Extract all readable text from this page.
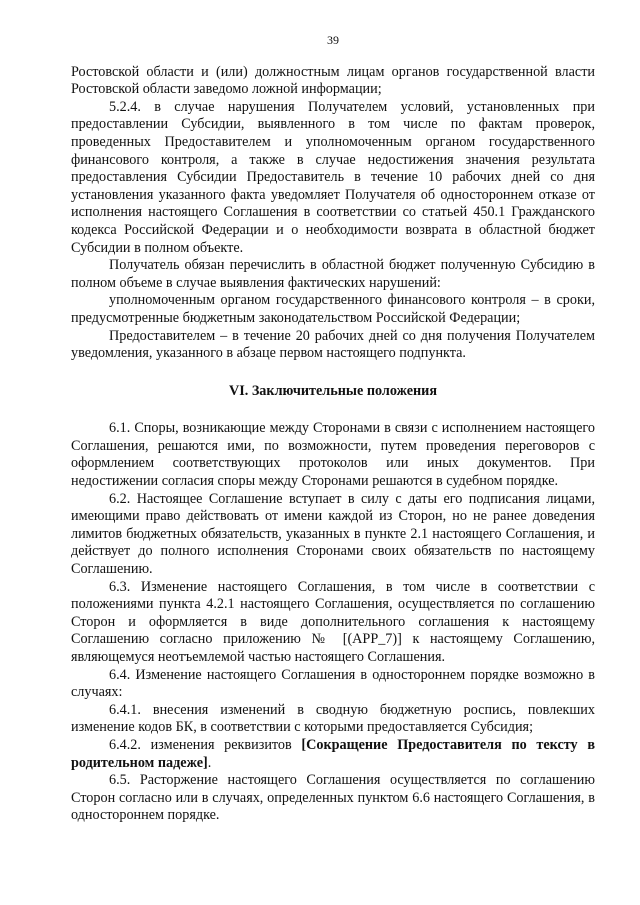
39

Ростовской области и (или) должностным лицам органов государственной власти Ростовской области заведомо ложной информации;

5.2.4. в случае нарушения Получателем условий, установленных при предоставлении Субсидии, выявленного в том числе по фактам проверок, проведенных Предоставителем и уполномоченным органом государственного финансового контроля, а также в случае недостижения значения результата предоставления Субсидии Предоставитель в течение 10 рабочих дней со дня установления указанного факта уведомляет Получателя об одностороннем отказе от исполнения настоящего Соглашения в соответствии со статьей 450.1 Гражданского кодекса Российской Федерации и о необходимости возврата в областной бюджет Субсидии в полном объекте.

Получатель обязан перечислить в областной бюджет полученную Субсидию в полном объеме в случае выявления фактических нарушений:

уполномоченным органом государственного финансового контроля – в сроки, предусмотренные бюджетным законодательством Российской Федерации;

Предоставителем – в течение 20 рабочих дней со дня получения Получателем уведомления, указанного в абзаце первом настоящего подпункта.

VI. Заключительные положения

6.1. Споры, возникающие между Сторонами в связи с исполнением настоящего Соглашения, решаются ими, по возможности, путем проведения переговоров с оформлением соответствующих протоколов или иных документов. При недостижении согласия споры между Сторонами решаются в судебном порядке.

6.2. Настоящее Соглашение вступает в силу с даты его подписания лицами, имеющими право действовать от имени каждой из Сторон, но не ранее доведения лимитов бюджетных обязательств, указанных в пункте 2.1 настоящего Соглашения, и действует до полного исполнения Сторонами своих обязательств по настоящему Соглашению.

6.3. Изменение настоящего Соглашения, в том числе в соответствии с положениями пункта 4.2.1 настоящего Соглашения, осуществляется по соглашению Сторон и оформляется в виде дополнительного соглашения к настоящему Соглашению согласно приложению № [(APP_7)] к настоящему Соглашению, являющемуся неотъемлемой частью настоящего Соглашения.

6.4. Изменение настоящего Соглашения в одностороннем порядке возможно в случаях:

6.4.1. внесения изменений в сводную бюджетную роспись, повлекших изменение кодов БК, в соответствии с которыми предоставляется Субсидия;

6.4.2. изменения реквизитов [Сокращение Предоставителя по тексту в родительном падеже].

6.5. Расторжение настоящего Соглашения осуществляется по соглашению Сторон согласно или в случаях, определенных пунктом 6.6 настоящего Соглашения, в одностороннем порядке.
